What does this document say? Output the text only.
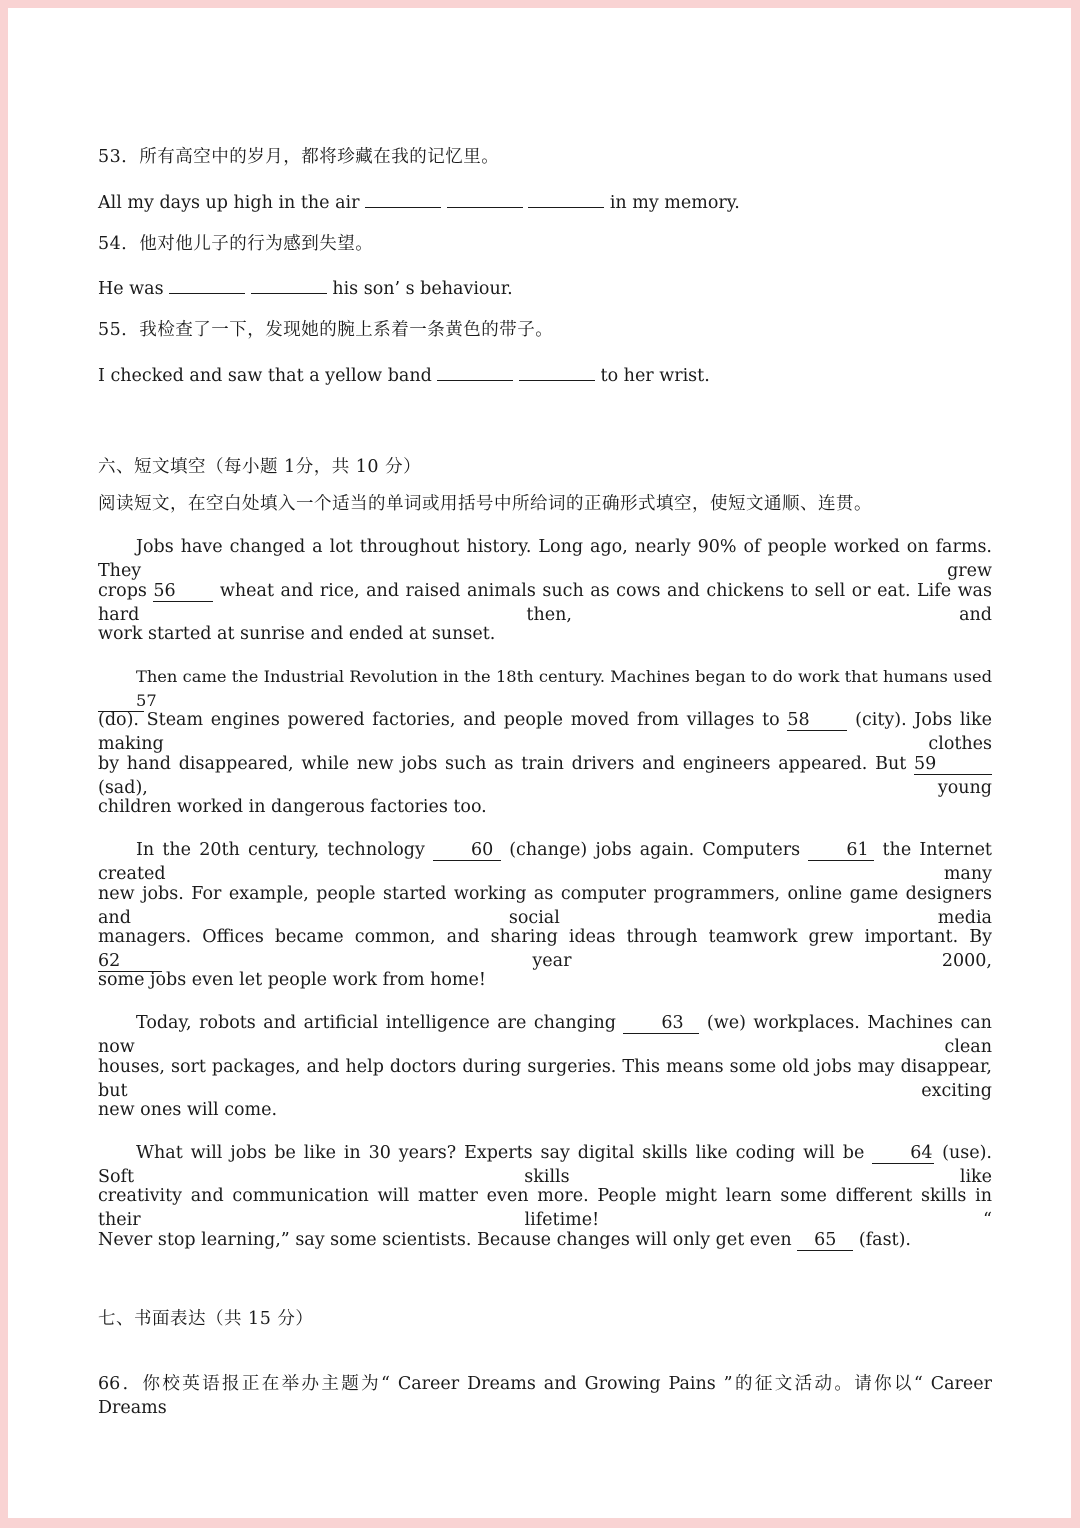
53．所有高空中的岁月，都将珍藏在我的记忆里。
All my days up high in the air	in my memory.
54．他对他儿子的行为感到失望。
He was	his son’ s behaviour.
55．我检查了一下，发现她的腕上系着一条黄色的带子。
I checked and saw that a yellow band	to her wrist.
六、短文填空（每小题 1分，共 10 分）
阅读短文，在空白处填入一个适当的单词或用括号中所给词的正确形式填空，使短文通顺、连贯。
Jobs have changed a lot throughout history. Long ago, nearly 90% of people worked on farms. They grew
crops 56	wheat and rice, and raised animals such as cows and chickens to sell or eat. Life was hard then, and
work started at sunrise and ended at sunset.
Then came the Industrial Revolution in the 18th century. Machines began to do work that humans used 57
(do). Steam engines powered factories, and people moved from villages to 58	(city). Jobs like making clothes
by hand disappeared, while new jobs such as train drivers and engineers appeared. But 59 (sad), young
children worked in dangerous factories too.
In the 20th century, technology	60 (change) jobs again. Computers	61 the Internet created many
new jobs. For example, people started working as computer programmers, online game designers and social media
managers. Offices became common, and sharing ideas through teamwork grew important. By 62	year 2000,
some jobs even let people work from home!
Today, robots and artificial intelligence are changing	63 (we) workplaces. Machines can now clean
houses, sort packages, and help doctors during surgeries. This means some old jobs may disappear, but exciting
new ones will come.
What will jobs be like in 30 years? Experts say digital skills like coding will be	64 (use). Soft skills like
creativity and communication will matter even more. People might learn some different skills in their lifetime! “
Never stop learning,” say some scientists. Because changes will only get even 65 (fast).
七、书面表达（共 15 分）
66．你校英语报正在举办主题为“ Career Dreams and Growing Pains ”的征文活动。请你以“ Career Dreams
